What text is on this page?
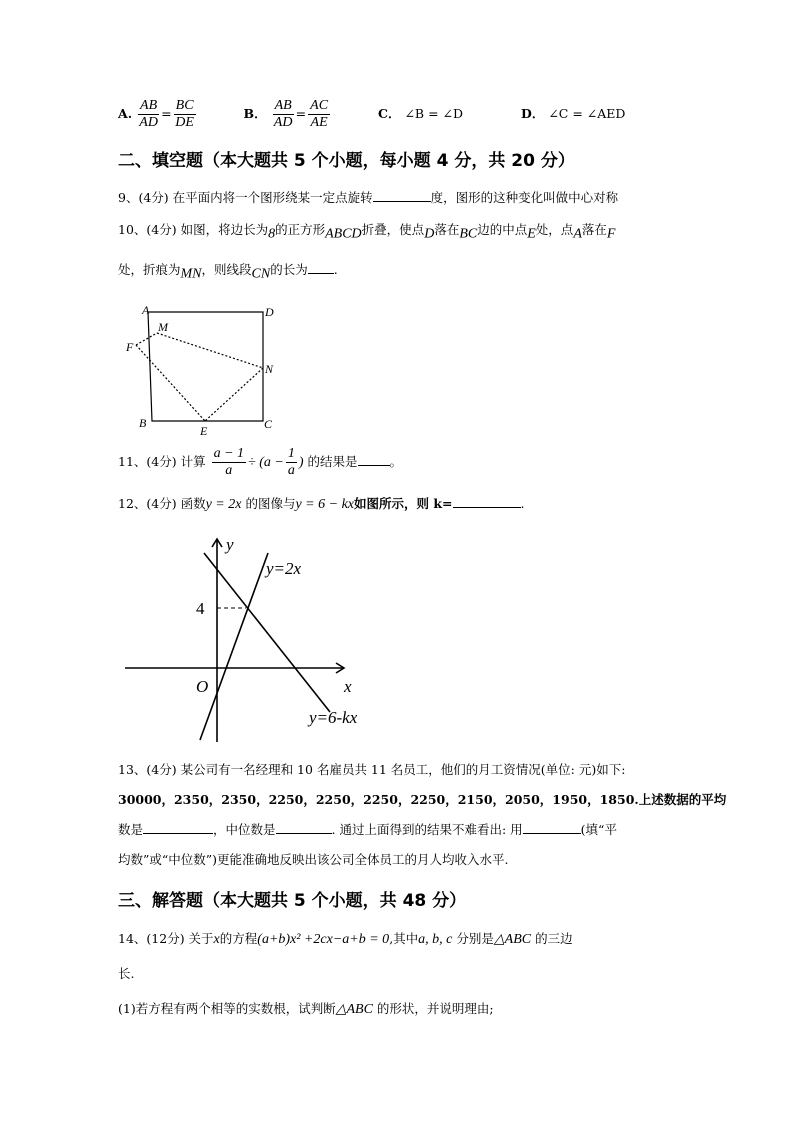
A. $\frac{AB}{AD} = \frac{BC}{DE}$	B． $\frac{AB}{AD} = \frac{AC}{AE}$	C． ∠B = ∠D	D． ∠C = ∠AED
二、填空题（本大题共 5 个小题，每小题 4 分，共 20 分）
9、(4分) 在平面内将一个图形绕某一定点旋转	度，图形的这种变化叫做中心对称
10、(4分) 如图，将边长为$_8$的正方形$_{ABCD}$折叠，使点$_D$落在$_{BC}$边的中点$_E$处，点$_A$落在$_F$
处，折痕为$_{MN}$，则线段$_{CN}$的长为 .
A	D
M
F
N
B
E	C
y
x
O
4
y=2x
y=6-kx
11、(4分) 计算 $\frac{a - 1}{a} \div (a - \frac{1}{a}$ ) 的结果是	。
12、(4分) 函数y = 2x 的图像与y = 6 − kx如图所示，则 k=	.
13、(4分) 某公司有一名经理和 10 名雇员共 11 名员工，他们的月工资情况(单位: 元)如下:
30000，2350，2350，2250，2250，2250，2250，2150，2050，1950，1850.上述数据的平均
数是	，中位数是	. 通过上面得到的结果不难看出: 用	(填“平
均数”或“中位数”)更能准确地反映出该公司全体员工的月人均收入水平.
三、解答题（本大题共 5 个小题，共 48 分）
14、(12分) 关于x的方程(a+b)x² +2cx−a+b = 0,其中a, b, c 分别是△ABC 的三边
长.
(1)若方程有两个相等的实数根，试判断△ABC 的形状，并说明理由;
